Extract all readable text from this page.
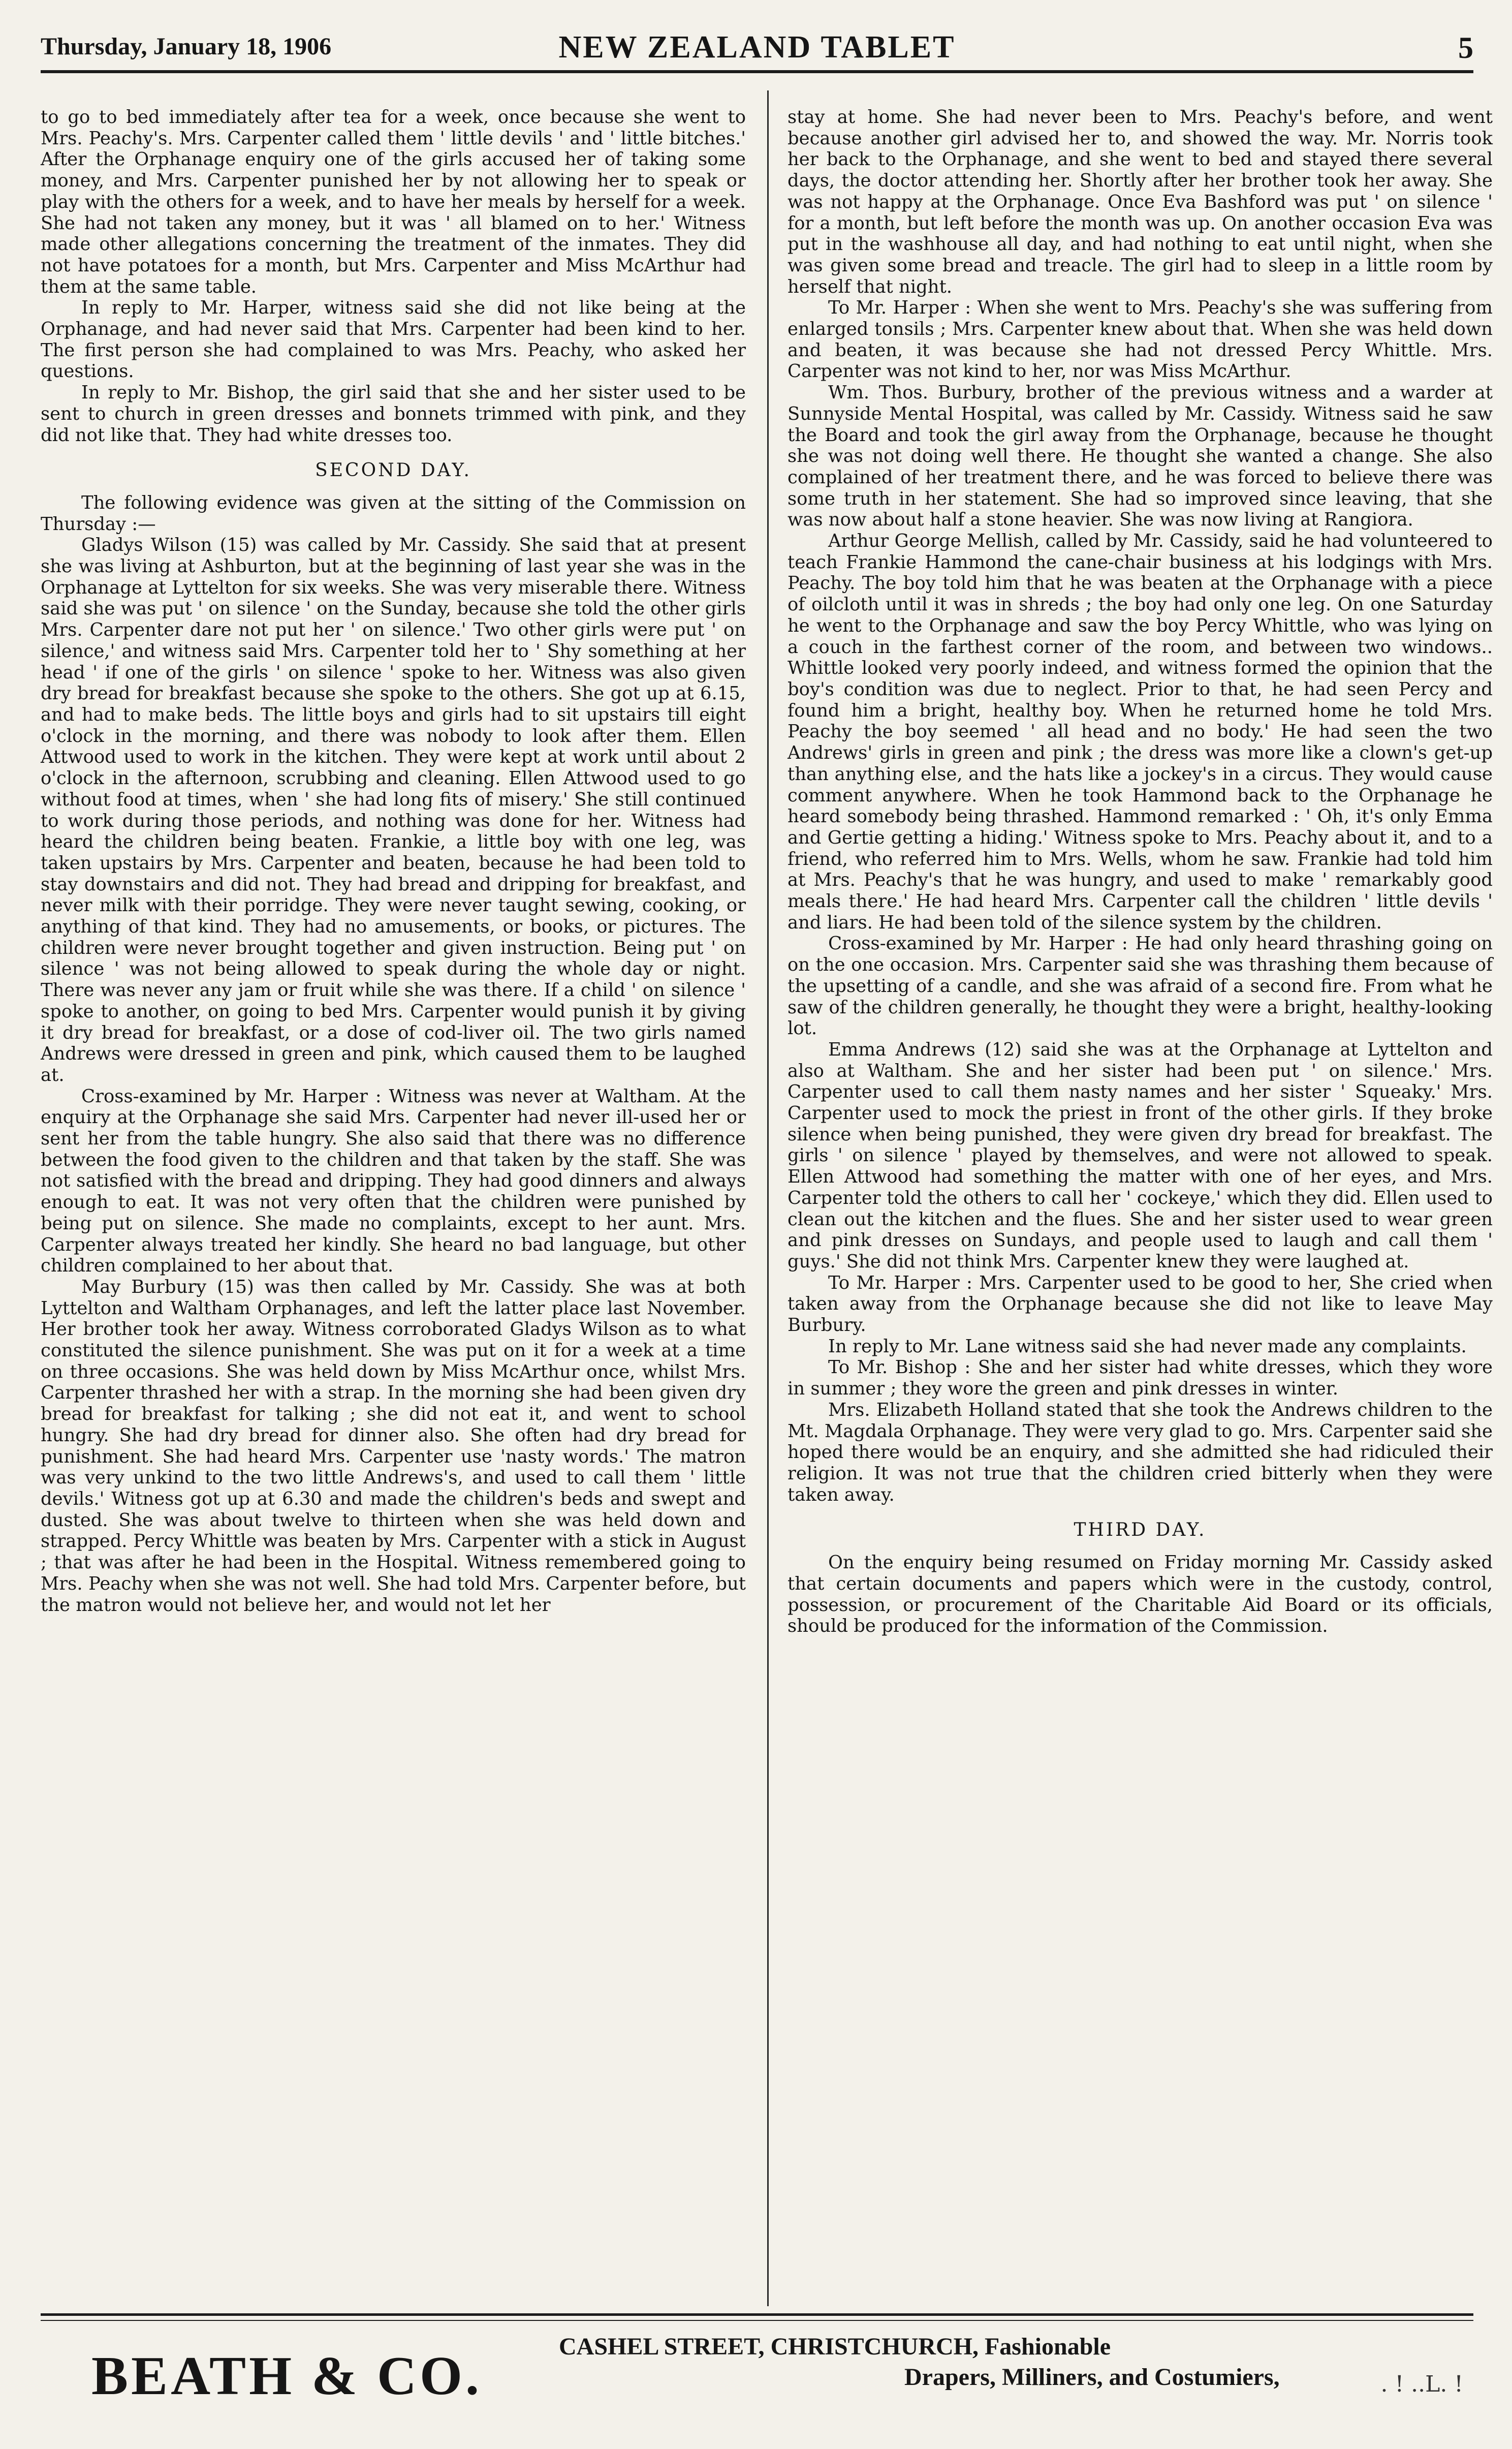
Thursday, January 18, 1906	NEW ZEALAND TABLET	5

to go to bed immediately after tea for a week, once because she went to Mrs. Peachy's. Mrs. Carpenter called them ' little devils ' and ' little bitches.' After the Orphanage enquiry one of the girls accused her of taking some money, and Mrs. Carpenter punished her by not allowing her to speak or play with the others for a week, and to have her meals by herself for a week. She had not taken any money, but it was ' all blamed on to her.' Witness made other allegations concerning the treatment of the inmates. They did not have potatoes for a month, but Mrs. Carpenter and Miss McArthur had them at the same table.

In reply to Mr. Harper, witness said she did not like being at the Orphanage, and had never said that Mrs. Carpenter had been kind to her. The first person she had complained to was Mrs. Peachy, who asked her questions.

In reply to Mr. Bishop, the girl said that she and her sister used to be sent to church in green dresses and bonnets trimmed with pink, and they did not like that. They had white dresses too.

SECOND DAY.

The following evidence was given at the sitting of the Commission on Thursday :—

Gladys Wilson (15) was called by Mr. Cassidy. She said that at present she was living at Ashburton, but at the beginning of last year she was in the Orphanage at Lyttelton for six weeks. She was very miserable there. Witness said she was put ' on silence ' on the Sunday, because she told the other girls Mrs. Carpenter dare not put her ' on silence.' Two other girls were put ' on silence,' and witness said Mrs. Carpenter told her to ' Shy something at her head ' if one of the girls ' on silence ' spoke to her. Witness was also given dry bread for breakfast because she spoke to the others. She got up at 6.15, and had to make beds. The little boys and girls had to sit upstairs till eight o'clock in the morning, and there was nobody to look after them. Ellen Attwood used to work in the kitchen. They were kept at work until about 2 o'clock in the afternoon, scrubbing and cleaning. Ellen Attwood used to go without food at times, when ' she had long fits of misery.' She still continued to work during those periods, and nothing was done for her. Witness had heard the children being beaten. Frankie, a little boy with one leg, was taken upstairs by Mrs. Carpenter and beaten, because he had been told to stay downstairs and did not. They had bread and dripping for breakfast, and never milk with their porridge. They were never taught sewing, cooking, or anything of that kind. They had no amusements, or books, or pictures. The children were never brought together and given instruction. Being put ' on silence ' was not being allowed to speak during the whole day or night. There was never any jam or fruit while she was there. If a child ' on silence ' spoke to another, on going to bed Mrs. Carpenter would punish it by giving it dry bread for breakfast, or a dose of cod-liver oil. The two girls named Andrews were dressed in green and pink, which caused them to be laughed at.

Cross-examined by Mr. Harper : Witness was never at Waltham. At the enquiry at the Orphanage she said Mrs. Carpenter had never ill-used her or sent her from the table hungry. She also said that there was no difference between the food given to the children and that taken by the staff. She was not satisfied with the bread and dripping. They had good dinners and always enough to eat. It was not very often that the children were punished by being put on silence. She made no complaints, except to her aunt. Mrs. Carpenter always treated her kindly. She heard no bad language, but other children complained to her about that.

May Burbury (15) was then called by Mr. Cassidy. She was at both Lyttelton and Waltham Orphanages, and left the latter place last November. Her brother took her away. Witness corroborated Gladys Wilson as to what constituted the silence punishment. She was put on it for a week at a time on three occasions. She was held down by Miss McArthur once, whilst Mrs. Carpenter thrashed her with a strap. In the morning she had been given dry bread for breakfast for talking ; she did not eat it, and went to school hungry. She had dry bread for dinner also. She often had dry bread for punishment. She had heard Mrs. Carpenter use 'nasty words.' The matron was very unkind to the two little Andrews's, and used to call them ' little devils.' Witness got up at 6.30 and made the children's beds and swept and dusted. She was about twelve to thirteen when she was held down and strapped. Percy Whittle was beaten by Mrs. Carpenter with a stick in August ; that was after he had been in the Hospital. Witness remembered going to Mrs. Peachy when she was not well. She had told Mrs. Carpenter before, but the matron would not believe her, and would not let her

stay at home. She had never been to Mrs. Peachy's before, and went because another girl advised her to, and showed the way. Mr. Norris took her back to the Orphanage, and she went to bed and stayed there several days, the doctor attending her. Shortly after her brother took her away. She was not happy at the Orphanage. Once Eva Bashford was put ' on silence ' for a month, but left before the month was up. On another occasion Eva was put in the washhouse all day, and had nothing to eat until night, when she was given some bread and treacle. The girl had to sleep in a little room by herself that night.

To Mr. Harper : When she went to Mrs. Peachy's she was suffering from enlarged tonsils ; Mrs. Carpenter knew about that. When she was held down and beaten, it was because she had not dressed Percy Whittle. Mrs. Carpenter was not kind to her, nor was Miss McArthur.

Wm. Thos. Burbury, brother of the previous witness and a warder at Sunnyside Mental Hospital, was called by Mr. Cassidy. Witness said he saw the Board and took the girl away from the Orphanage, because he thought she was not doing well there. He thought she wanted a change. She also complained of her treatment there, and he was forced to believe there was some truth in her statement. She had so improved since leaving, that she was now about half a stone heavier. She was now living at Rangiora.

Arthur George Mellish, called by Mr. Cassidy, said he had volunteered to teach Frankie Hammond the cane-chair business at his lodgings with Mrs. Peachy. The boy told him that he was beaten at the Orphanage with a piece of oilcloth until it was in shreds ; the boy had only one leg. On one Saturday he went to the Orphanage and saw the boy Percy Whittle, who was lying on a couch in the farthest corner of the room, and between two windows.. Whittle looked very poorly indeed, and witness formed the opinion that the boy's condition was due to neglect. Prior to that, he had seen Percy and found him a bright, healthy boy. When he returned home he told Mrs. Peachy the boy seemed ' all head and no body.' He had seen the two Andrews' girls in green and pink ; the dress was more like a clown's get-up than anything else, and the hats like a jockey's in a circus. They would cause comment anywhere. When he took Hammond back to the Orphanage he heard somebody being thrashed. Hammond remarked : ' Oh, it's only Emma and Gertie getting a hiding.' Witness spoke to Mrs. Peachy about it, and to a friend, who referred him to Mrs. Wells, whom he saw. Frankie had told him at Mrs. Peachy's that he was hungry, and used to make ' remarkably good meals there.' He had heard Mrs. Carpenter call the children ' little devils ' and liars. He had been told of the silence system by the children.

Cross-examined by Mr. Harper : He had only heard thrashing going on on the one occasion. Mrs. Carpenter said she was thrashing them because of the upsetting of a candle, and she was afraid of a second fire. From what he saw of the children generally, he thought they were a bright, healthy-looking lot.

Emma Andrews (12) said she was at the Orphanage at Lyttelton and also at Waltham. She and her sister had been put ' on silence.' Mrs. Carpenter used to call them nasty names and her sister ' Squeaky.' Mrs. Carpenter used to mock the priest in front of the other girls. If they broke silence when being punished, they were given dry bread for breakfast. The girls ' on silence ' played by themselves, and were not allowed to speak. Ellen Attwood had something the matter with one of her eyes, and Mrs. Carpenter told the others to call her ' cockeye,' which they did. Ellen used to clean out the kitchen and the flues. She and her sister used to wear green and pink dresses on Sundays, and people used to laugh and call them ' guys.' She did not think Mrs. Carpenter knew they were laughed at.

To Mr. Harper : Mrs. Carpenter used to be good to her, She cried when taken away from the Orphanage because she did not like to leave May Burbury.

In reply to Mr. Lane witness said she had never made any complaints.

To Mr. Bishop : She and her sister had white dresses, which they wore in summer ; they wore the green and pink dresses in winter.

Mrs. Elizabeth Holland stated that she took the Andrews children to the Mt. Magdala Orphanage. They were very glad to go. Mrs. Carpenter said she hoped there would be an enquiry, and she admitted she had ridiculed their religion. It was not true that the children cried bitterly when they were taken away.

THIRD DAY.

On the enquiry being resumed on Friday morning Mr. Cassidy asked that certain documents and papers which were in the custody, control, possession, or procurement of the Charitable Aid Board or its officials, should be produced for the information of the Commission.

BEATH & CO.	CASHEL STREET, CHRISTCHURCH, Fashionable
Drapers, Milliners, and Costumiers,	. ! ..L. !
